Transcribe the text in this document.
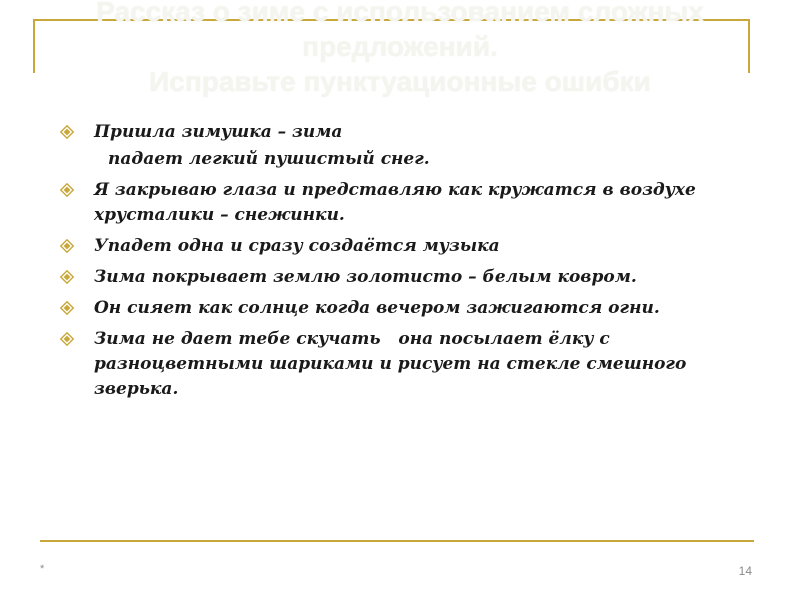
Рассказ о зиме с использованием сложных
предложений.
Исправьте пунктуационные ошибки
Пришла зимушка – зима
падает легкий пушистый снег.
Я закрываю глаза и представляю как кружатся в воздухе хрусталики – снежинки.
Упадет одна и сразу создаётся музыка
Зима покрывает землю золотисто – белым ковром.
Он сияет как солнце когда вечером зажигаются огни.
Зима не дает тебе скучать   она посылает ёлку с разноцветными шариками и рисует на стекле смешного зверька.
*	14
